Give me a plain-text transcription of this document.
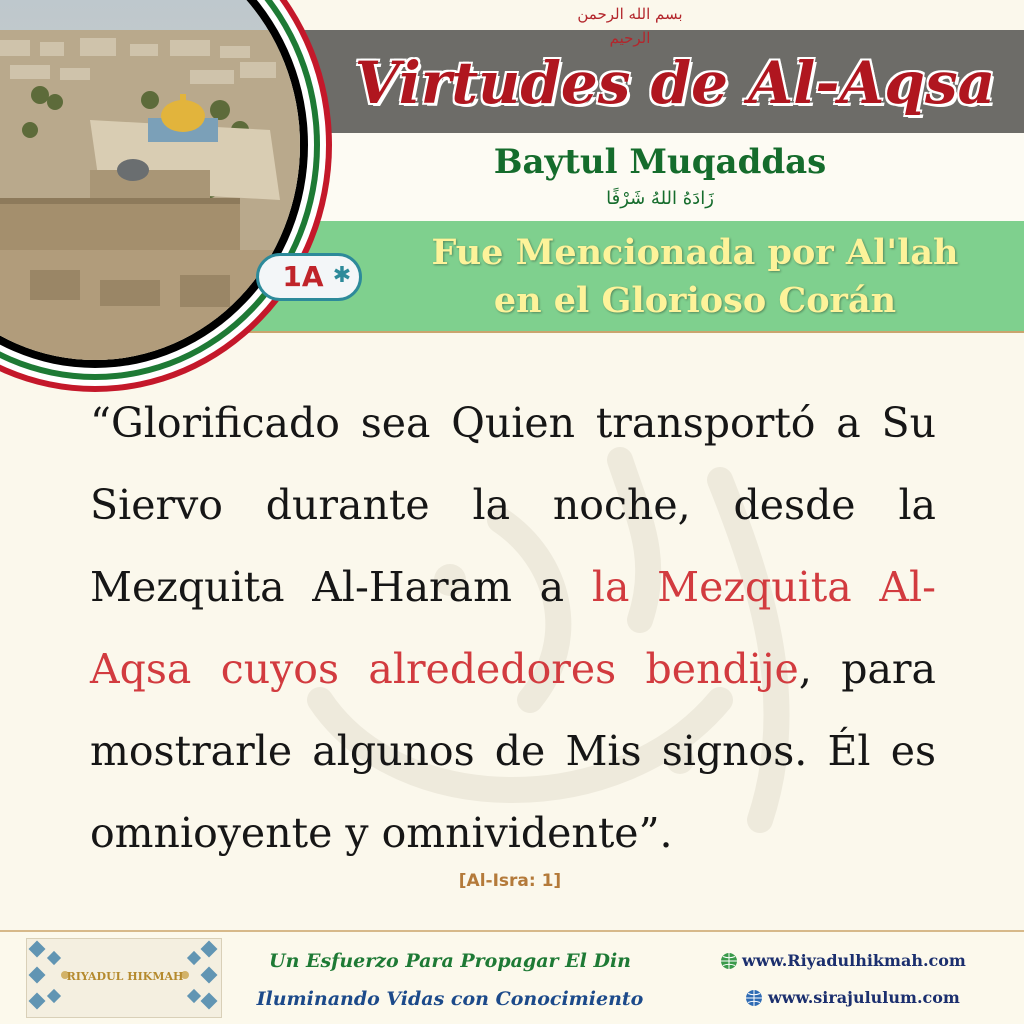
بسم الله الرحمن الرحيم
Virtudes de Al-Aqsa
Baytul Muqaddas
زَادَهُ اللهُ شَرْفًا
Fue Mencionada por Al'lah
en el Glorioso Corán
1A ✱
“Glorificado sea Quien transportó a Su Siervo durante la noche, desde la Mezquita Al-Haram a la Mezquita Al-Aqsa cuyos alrededores bendije, para mostrarle algunos de Mis signos. Él es omnioyente y omnividente”.
[Al-Isra: 1]
RIYADUL HIKMAH
Un Esfuerzo Para Propagar El Din
Iluminando Vidas con Conocimiento
www.Riyadulhikmah.com
www.sirajululum.com
